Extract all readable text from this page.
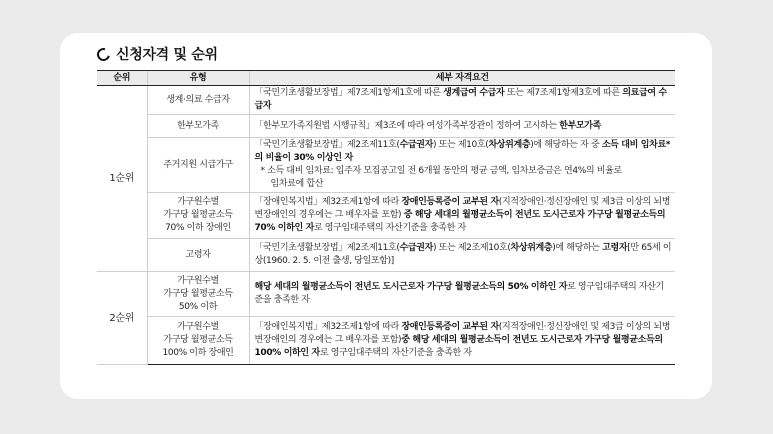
신청자격 및 순위
순위	유형	세부 자격요건
1순위	생계·의료 수급자	「국민기초생활보장법」제7조제1항제1호에 따른 생계급여 수급자 또는 제7조제1항제3호에 따른 의료급여 수급자
	한부모가족	「한부모가족지원법 시행규칙」제3조에 따라 여성가족부장관이 정하여 고시하는 한부모가족
	주거지원 시급가구	「국민기초생활보장법」제2조제11호(수급권자) 또는 제10호(차상위계층)에 해당하는 자 중 소득 대비 임차료*의 비율이 30% 이상인 자
* 소득 대비 임차료: 입주자 모집공고일 전 6개월 동안의 평균 금액, 임차보증금은 연4%의 비율로
임차료에 합산

	가구원수별
가구당 월평균소득
70% 이하 장애인	「장애인복지법」제32조제1항에 따라 장애인등록증이 교부된 자(지적장애인·정신장애인 및 제3급 이상의 뇌병변장애인의 경우에는 그 배우자를 포함) 중 해당 세대의 월평균소득이 전년도 도시근로자 가구당 월평균소득의 70% 이하인 자로 영구임대주택의 자산기준을 충족한 자
	고령자	「국민기초생활보장법」제2조제11호(수급권자) 또는 제2조제10호(차상위계층)에 해당하는 고령자[만 65세 이상(1960. 2. 5. 이전 출생, 당일포함)]
2순위	가구원수별
가구당 월평균소득
50% 이하	해당 세대의 월평균소득이 전년도 도시근로자 가구당 월평균소득의 50% 이하인 자로 영구임대주택의 자산기준을 충족한 자
	가구원수별
가구당 월평균소득
100% 이하 장애인	「장애인복지법」제32조제1항에 따라 장애인등록증이 교부된 자(지적장애인·정신장애인 및 제3급 이상의 뇌병변장애인의 경우에는 그 배우자를 포함)중 해당 세대의 월평균소득이 전년도 도시근로자 가구당 월평균소득의 100% 이하인 자로 영구임대주택의 자산기준을 충족한 자
